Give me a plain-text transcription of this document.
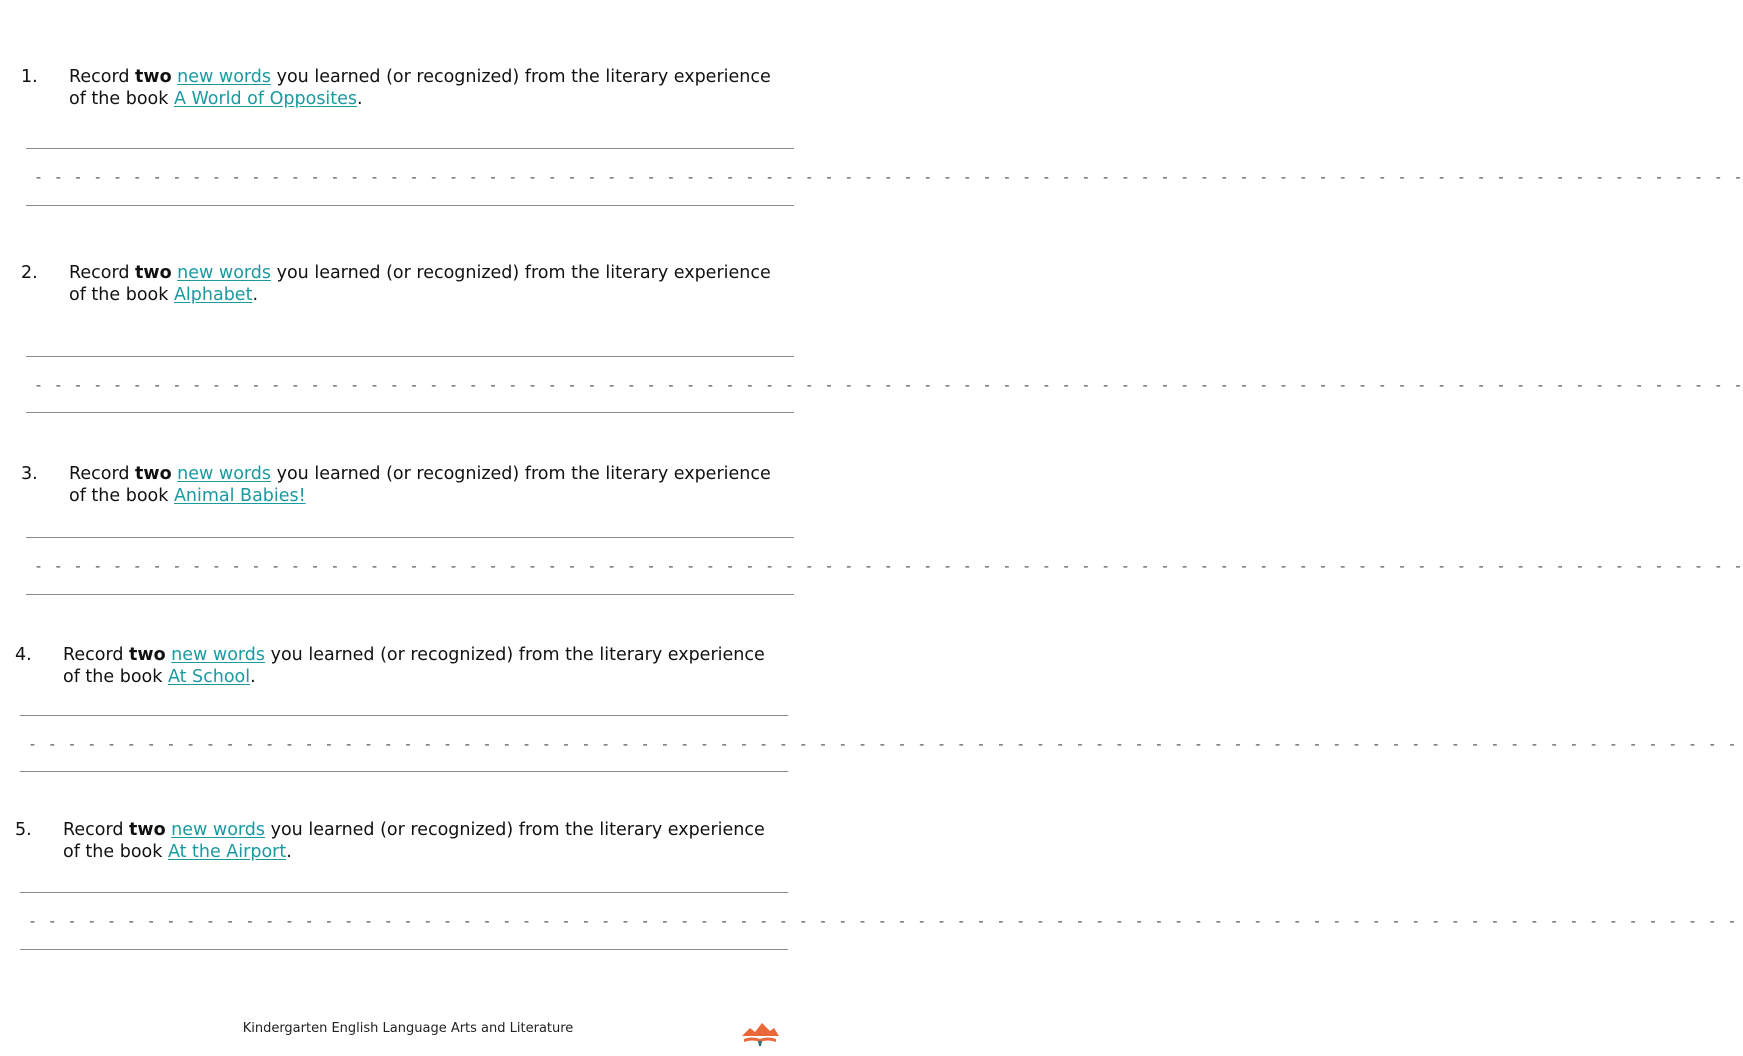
1. Record two new words you learned (or recognized) from the literary experience
of the book A World of Opposites.
- - - - - - - - - - - - - - - - - - - - - - - - - - - - - - - - - - - - - - - - - - - - - - - - - - - - - - - - - - - - - - - - - - - - - - - - - - - - - - - - - - - - - - -
2. Record two new words you learned (or recognized) from the literary experience
of the book Alphabet.
- - - - - - - - - - - - - - - - - - - - - - - - - - - - - - - - - - - - - - - - - - - - - - - - - - - - - - - - - - - - - - - - - - - - - - - - - - - - - - - - - - - - - - -
3. Record two new words you learned (or recognized) from the literary experience
of the book Animal Babies!
- - - - - - - - - - - - - - - - - - - - - - - - - - - - - - - - - - - - - - - - - - - - - - - - - - - - - - - - - - - - - - - - - - - - - - - - - - - - - - - - - - - - - - -
4. Record two new words you learned (or recognized) from the literary experience
of the book At School.
- - - - - - - - - - - - - - - - - - - - - - - - - - - - - - - - - - - - - - - - - - - - - - - - - - - - - - - - - - - - - - - - - - - - - - - - - - - - - - - - - - - - - - -
5. Record two new words you learned (or recognized) from the literary experience
of the book At the Airport.
- - - - - - - - - - - - - - - - - - - - - - - - - - - - - - - - - - - - - - - - - - - - - - - - - - - - - - - - - - - - - - - - - - - - - - - - - - - - - - - - - - - - - - -
Kindergarten English Language Arts and Literature
